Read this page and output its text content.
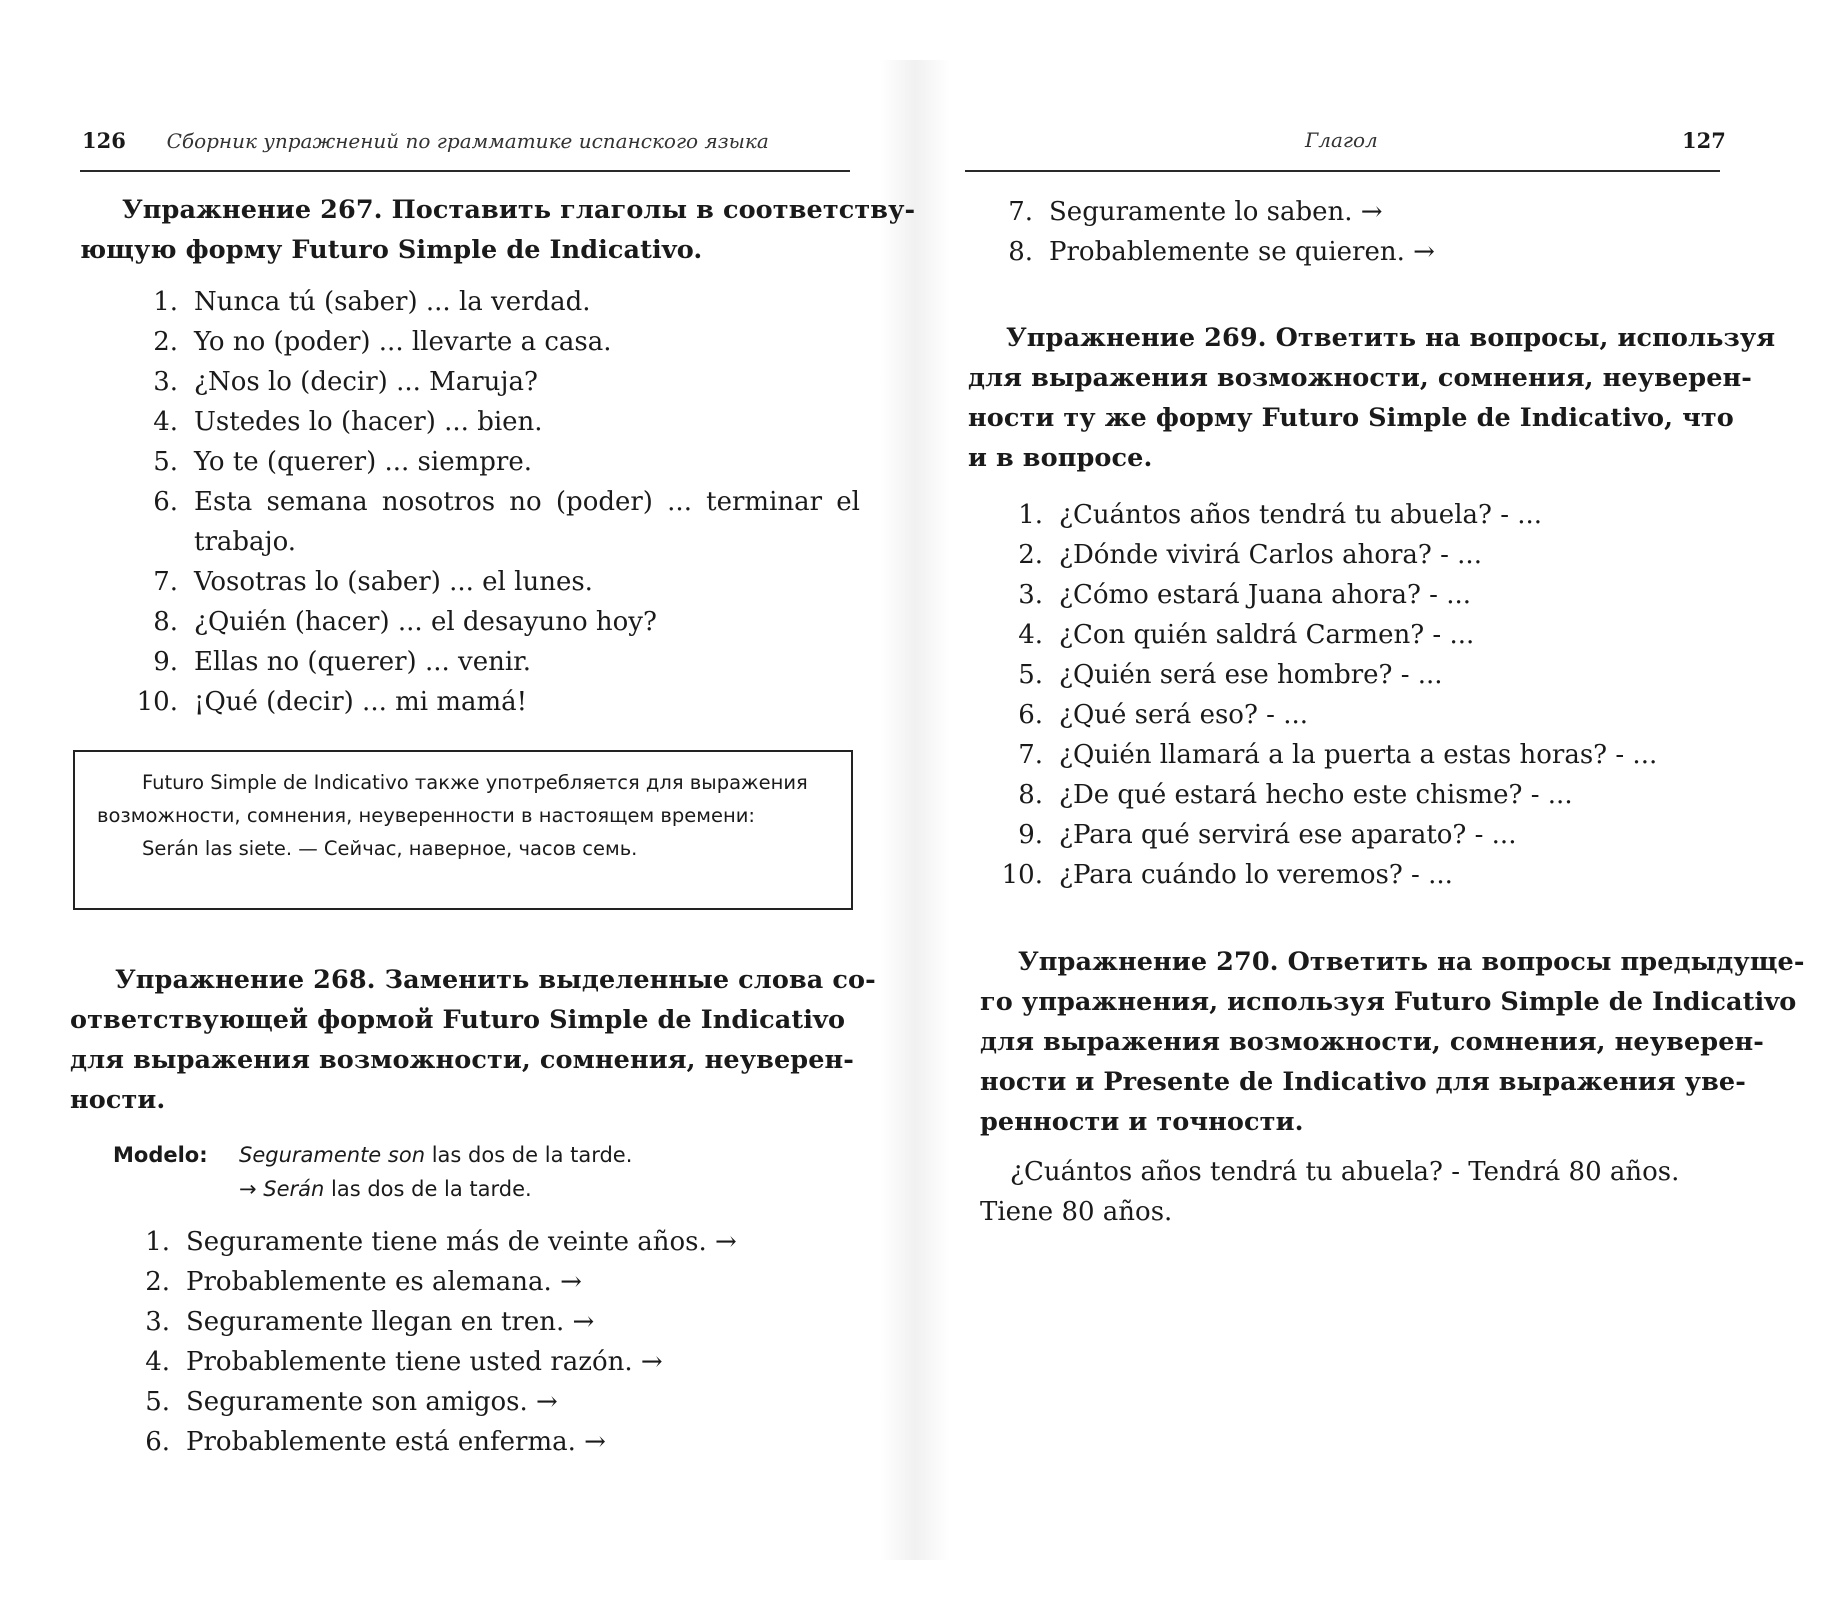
126 Сборник упражнений по грамматике испанского языка
Упражнение 267. Поставить глаголы в соответству-
ющую форму Futuro Simple de Indicativo.
1. Nunca tú (saber) ... la verdad.
2. Yo no (poder) ... llevarte a casa.
3. ¿Nos lo (decir) ... Maruja?
4. Ustedes lo (hacer) ... bien.
5. Yo te (querer) ... siempre.
6. Esta semana nosotros no (poder) ... terminar el trabajo.
7. Vosotras lo (saber) ... el lunes.
8. ¿Quién (hacer) ... el desayuno hoy?
9. Ellas no (querer) ... venir.
10. ¡Qué (decir) ... mi mamá!
Futuro Simple de Indicativo также употребляется для выражения возможности, сомнения, неуверенности в настоящем времени:
Serán las siete. — Сейчас, наверное, часов семь.
Упражнение 268. Заменить выделенные слова со-
ответствующей формой Futuro Simple de Indicativo
для выражения возможности, сомнения, неуверен-
ности.
Modelo: Seguramente son las dos de la tarde.
→ Serán las dos de la tarde.
1. Seguramente tiene más de veinte años. →
2. Probablemente es alemana. →
3. Seguramente llegan en tren. →
4. Probablemente tiene usted razón. →
5. Seguramente son amigos. →
6. Probablemente está enferma. →
Глагол	127
7. Seguramente lo saben. →
8. Probablemente se quieren. →
Упражнение 269. Ответить на вопросы, используя
для выражения возможности, сомнения, неуверен-
ности ту же форму Futuro Simple de Indicativo, что
и в вопросе.
1. ¿Cuántos años tendrá tu abuela? - ...
2. ¿Dónde vivirá Carlos ahora? - ...
3. ¿Cómo estará Juana ahora? - ...
4. ¿Con quién saldrá Carmen? - ...
5. ¿Quién será ese hombre? - ...
6. ¿Qué será eso? - ...
7. ¿Quién llamará a la puerta a estas horas? - ...
8. ¿De qué estará hecho este chisme? - ...
9. ¿Para qué servirá ese aparato? - ...
10. ¿Para cuándo lo veremos? - ...
Упражнение 270. Ответить на вопросы предыдуще-
го упражнения, используя Futuro Simple de Indicativo
для выражения возможности, сомнения, неуверен-
ности и Presente de Indicativo для выражения уве-
ренности и точности.
¿Cuántos años tendrá tu abuela? - Tendrá 80 años.
Tiene 80 años.
